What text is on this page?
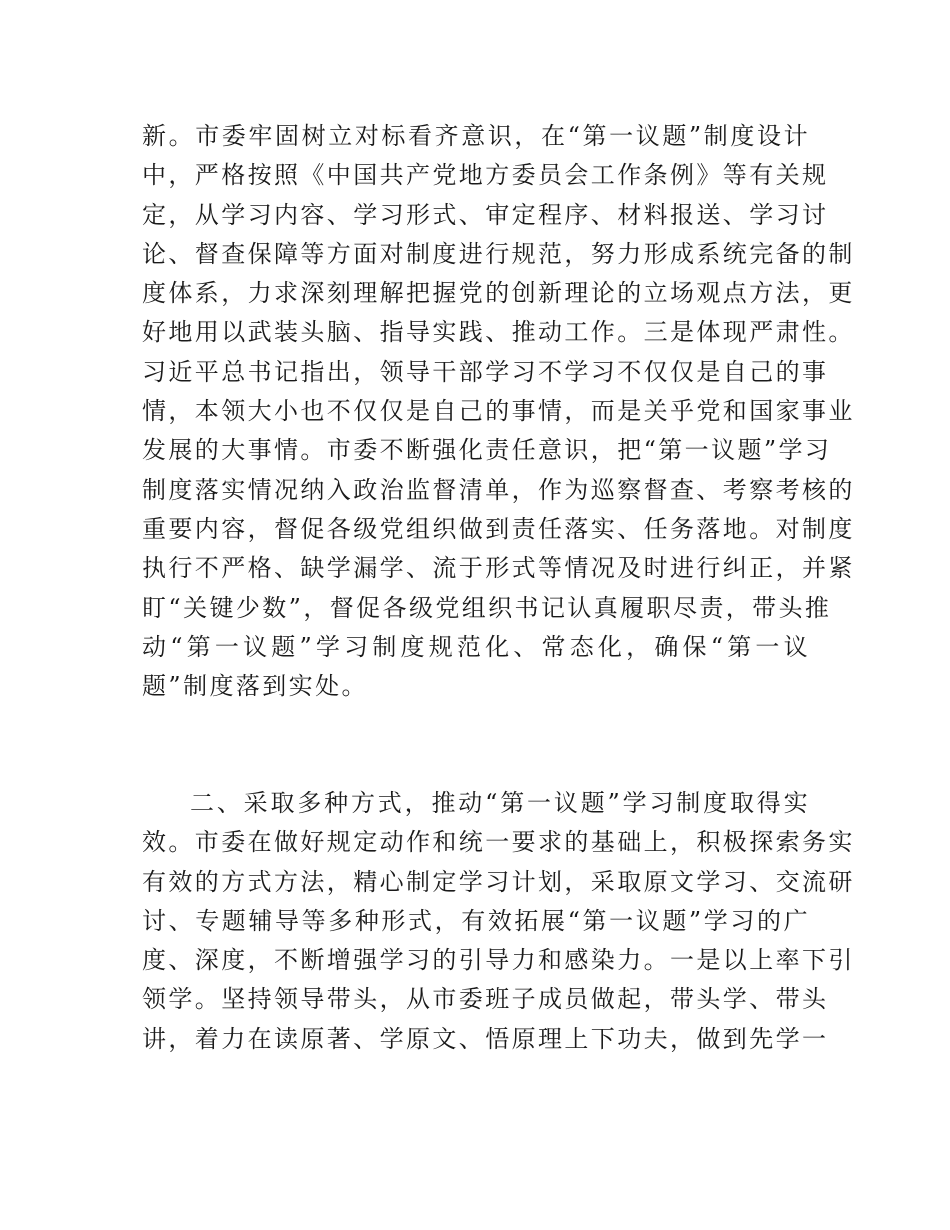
新。市委牢固树立对标看齐意识，在“第一议题”制度设计
中，严格按照《中国共产党地方委员会工作条例》等有关规
定，从学习内容、学习形式、审定程序、材料报送、学习讨
论、督查保障等方面对制度进行规范，努力形成系统完备的制
度体系，力求深刻理解把握党的创新理论的立场观点方法，更
好地用以武装头脑、指导实践、推动工作。三是体现严肃性。
习近平总书记指出，领导干部学习不学习不仅仅是自己的事
情，本领大小也不仅仅是自己的事情，而是关乎党和国家事业
发展的大事情。市委不断强化责任意识，把“第一议题”学习
制度落实情况纳入政治监督清单，作为巡察督查、考察考核的
重要内容，督促各级党组织做到责任落实、任务落地。对制度
执行不严格、缺学漏学、流于形式等情况及时进行纠正，并紧
盯“关键少数”，督促各级党组织书记认真履职尽责，带头推
动“第一议题”学习制度规范化、常态化，确保“第一议
题”制度落到实处。
二、采取多种方式，推动“第一议题”学习制度取得实
效。市委在做好规定动作和统一要求的基础上，积极探索务实
有效的方式方法，精心制定学习计划，采取原文学习、交流研
讨、专题辅导等多种形式，有效拓展“第一议题”学习的广
度、深度，不断增强学习的引导力和感染力。一是以上率下引
领学。坚持领导带头，从市委班子成员做起，带头学、带头
讲，着力在读原著、学原文、悟原理上下功夫，做到先学一
